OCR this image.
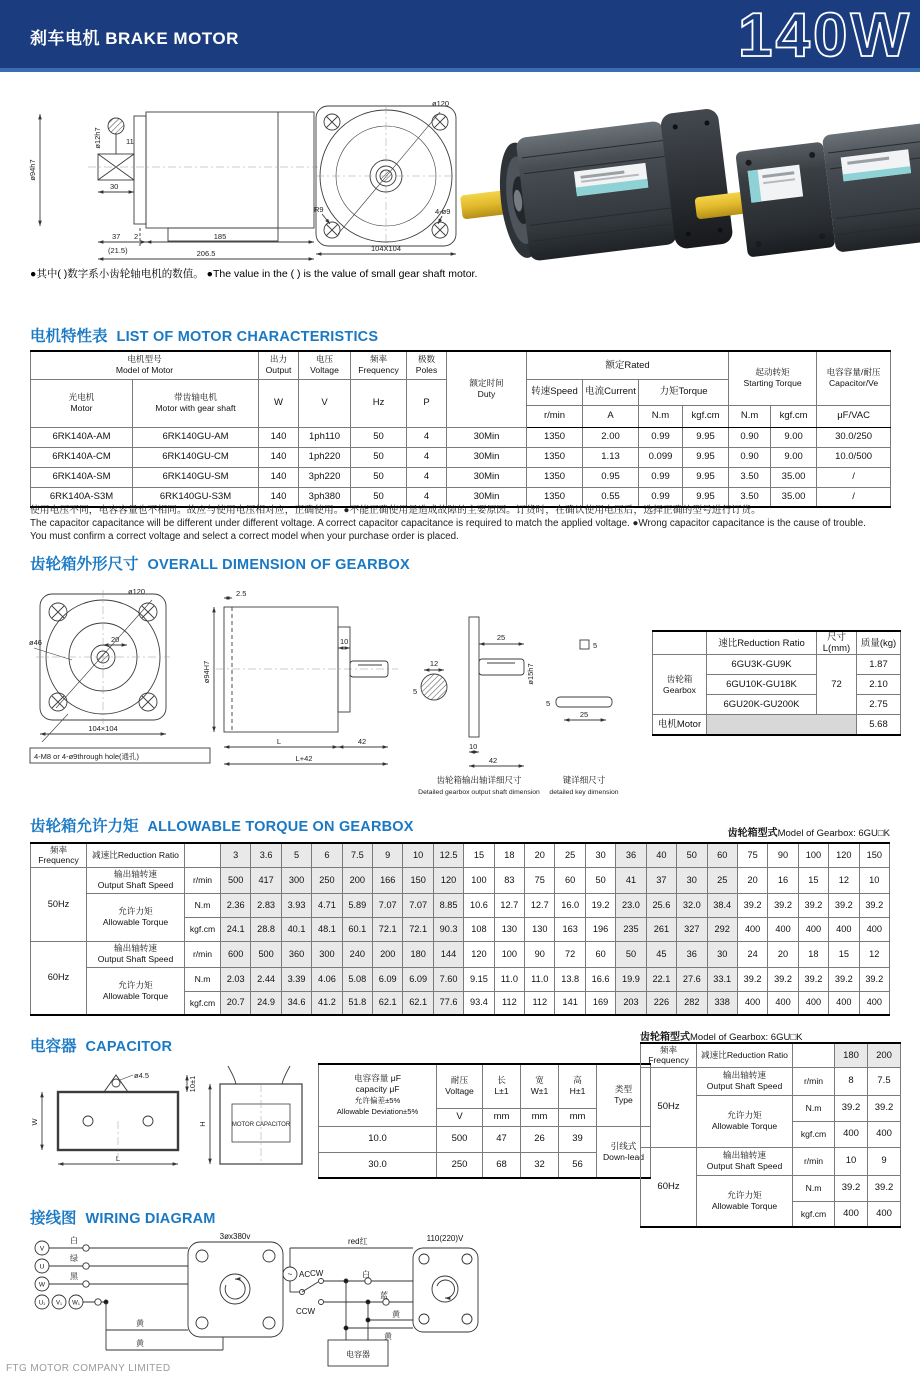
刹车电机 BRAKE MOTOR	140W
ø12h7	11
ø94h7
30
2
37
(21.5)
185
206.5
ø120
R9	4-ø9
104X104
●其中( )数字系小齿轮轴电机的数值。 ●The value in the ( ) is the value of small gear shaft motor.
电机特性表 LIST OF MOTOR CHARACTERISTICS
电机型号
Model of Motor		出力
Output	电压
Voltage	频率
Frequency	极数
Poles	额定时间
Duty	额定Rated				起动转矩
Starting Torque		电容容量/耐压
Capacitor/Ve
光电机
Motor	带齿轴电机
Motor with gear shaft	W	V	Hz	P		转速Speed	电流Current	力矩Torque				
							r/min	A	N.m	kgf.cm	N.m	kgf.cm	μF/VAC
6RK140A-AM	6RK140GU-AM	140	1ph110	50	4	30Min	1350	2.00	0.99	9.95	0.90	9.00	30.0/250
6RK140A-CM	6RK140GU-CM	140	1ph220	50	4	30Min	1350	1.13	0.099	9.95	0.90	9.00	10.0/500
6RK140A-SM	6RK140GU-SM	140	3ph220	50	4	30Min	1350	0.95	0.99	9.95	3.50	35.00	/
6RK140A-S3M	6RK140GU-S3M	140	3ph380	50	4	30Min	1350	0.55	0.99	9.95	3.50	35.00	/
使用电压不同，电容容量也不相同。故应与使用电压相对应，正确使用。●不能正确使用是造成故障的主要原因。订货时，在确认使用电压后，选择正确的型号进行订货。
The capacitor capacitance will be different under different voltage. A correct capacitor capacitance is required to match the applied voltage. ●Wrong capacitor capacitance is the cause of trouble.
You must confirm a correct voltage and select a correct model when your purchase order is placed.
齿轮箱外形尺寸 OVERALL DIMENSION OF GEARBOX
ø120
ø46	20
104×104
4-M8 or 4-ø9through hole(通孔)
ø94H7
2.5
10
L	42
L+42
12
5
25
ø15h7
10
42
齿轮箱输出轴详细尺寸
Detailed gearbox output shaft dimension
5
5
25
键详细尺寸
detailed key dimension
	速比Reduction Ratio	尺寸L(mm)	质量(kg)
齿轮箱
Gearbox	6GU3K-GU9K	72	1.87
	6GU10K-GU18K		2.10
	6GU20K-GU200K		2.75
电机Motor			5.68
齿轮箱允许力矩 ALLOWABLE TORQUE ON GEARBOX	齿轮箱型式Model of Gearbox: 6GU□K
频率Frequency	减速比Reduction Ratio		3	3.6	5	6	7.5	9	10	12.5	15	18	20	25	30	36	40	50	60	75	90	100	120	150
50Hz	输出轴转速
Output Shaft Speed	r/min	500	417	300	250	200	166	150	120	100	83	75	60	50	41	37	30	25	20	16	15	12	10
	允许力矩
Allowable Torque	N.m	2.36	2.83	3.93	4.71	5.89	7.07	7.07	8.85	10.6	12.7	12.7	16.0	19.2	23.0	25.6	32.0	38.4	39.2	39.2	39.2	39.2	39.2
		kgf.cm	24.1	28.8	40.1	48.1	60.1	72.1	72.1	90.3	108	130	130	163	196	235	261	327	292	400	400	400	400	400
60Hz	输出轴转速
Output Shaft Speed	r/min	600	500	360	300	240	200	180	144	120	100	90	72	60	50	45	36	30	24	20	18	15	12
	允许力矩
Allowable Torque	N.m	2.03	2.44	3.39	4.06	5.08	6.09	6.09	7.60	9.15	11.0	11.0	13.8	16.6	19.9	22.1	27.6	33.1	39.2	39.2	39.2	39.2	39.2
		kgf.cm	20.7	24.9	34.6	41.2	51.8	62.1	62.1	77.6	93.4	112	112	141	169	203	226	282	338	400	400	400	400	400
电容器 CAPACITOR
ø4.5
10±1
W
L
MOTOR CAPACITOR
H
电容容量 μF
capacity μF
允许偏差±5%
Allowable Deviation±5%	耐压
Voltage	长
L±1	宽
W±1	高
H±1	类型
Type
	V	mm	mm	mm	
10.0	500	47	26	39	引线式
Down-lead
30.0	250	68	32	56	
齿轮箱型式Model of Gearbox: 6GU□K
频率Frequency	减速比Reduction Ratio		180	200
50Hz	输出轴转速
Output Shaft Speed	r/min	8	7.5
	允许力矩
Allowable Torque	N.m	39.2	39.2
		kgf.cm	400	400
60Hz	输出轴转速
Output Shaft Speed	r/min	10	9
	允许力矩
Allowable Torque	N.m	39.2	39.2
		kgf.cm	400	400
接线图 WIRING DIAGRAM
V
U
W
U₁ V₁ W₁
白
绿
黑
黄
黄
3øx380v
~ AC
red红
CW
CCW
白
蓝
黄
黄
电容器
110(220)V
FTG MOTOR COMPANY LIMITED
